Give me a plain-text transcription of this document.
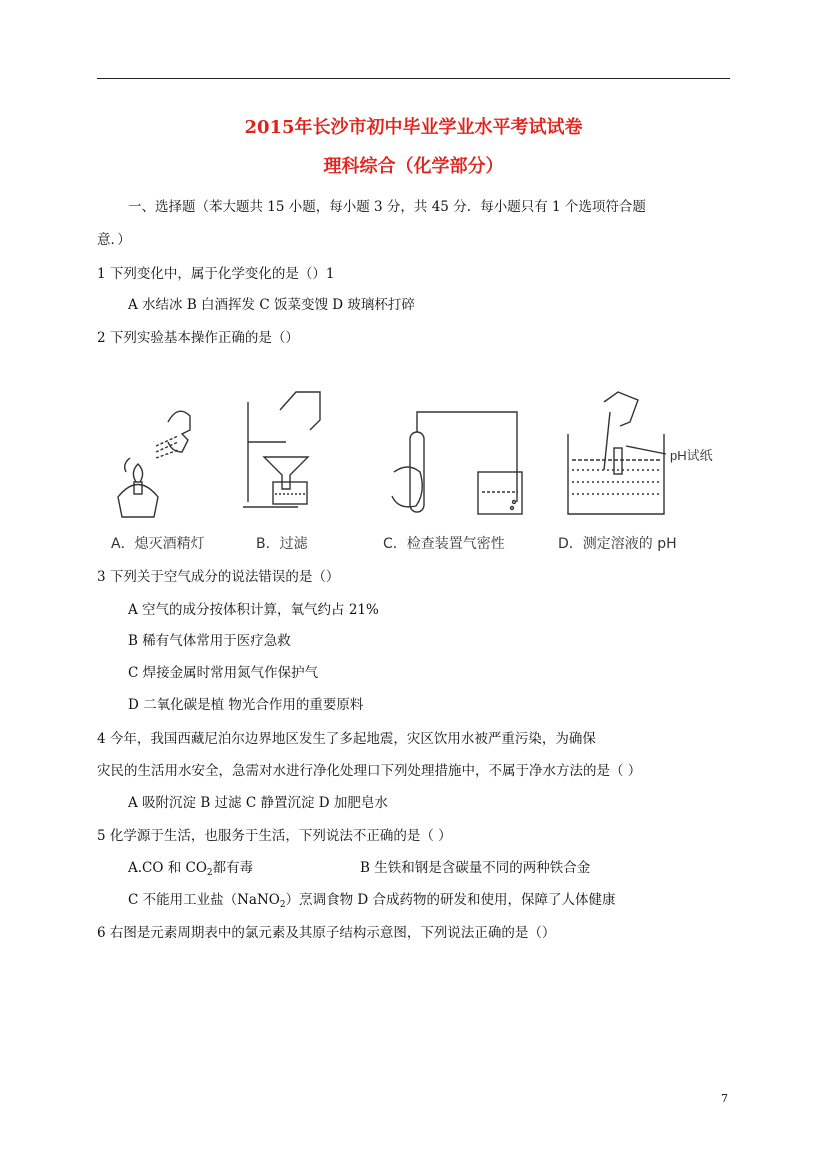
2015年长沙市初中毕业学业水平考试试卷
理科综合（化学部分）
一、选择题（苯大题共 15 小题，每小题 3 分，共 45 分．每小题只有 1 个选项符合题
意．）
1 下列变化中，属于化学变化的是（）1
A 水结冰 B 白酒挥发 C 饭菜变馊 D 玻璃杯打碎
2 下列实验基本操作正确的是（）
pH试纸
A．熄灭酒精灯	B．过滤	C．检查装置气密性	D．测定溶液的 pH
3 下列关于空气成分的说法错误的是（）
A 空气的成分按体积计算，氧气约占 21%
B 稀有气体常用于医疗急救
C 焊接金属时常用氮气作保护气
D 二氧化碳是植 物光合作用的重要原料
4 今年，我国西藏尼泊尔边界地区发生了多起地震，灾区饮用水被严重污染，为确保
灾民的生活用水安全，急需对水进行净化处理口下列处理措施中，不属于净水方法的是（ ）
A 吸附沉淀 B 过滤 C 静置沉淀 D 加肥皂水
5 化学源于生活，也服务于生活，下列说法不正确的是（ ）
A.CO 和 $CO_2$都有毒	B 生铁和钢是含碳量不同的两种铁合金
C 不能用工业盐（NaNO$_2$）烹调食物 D 合成药物的研发和使用，保障了人体健康
6 右图是元素周期表中的氯元素及其原子结构示意图，下列说法正确的是（）
7
